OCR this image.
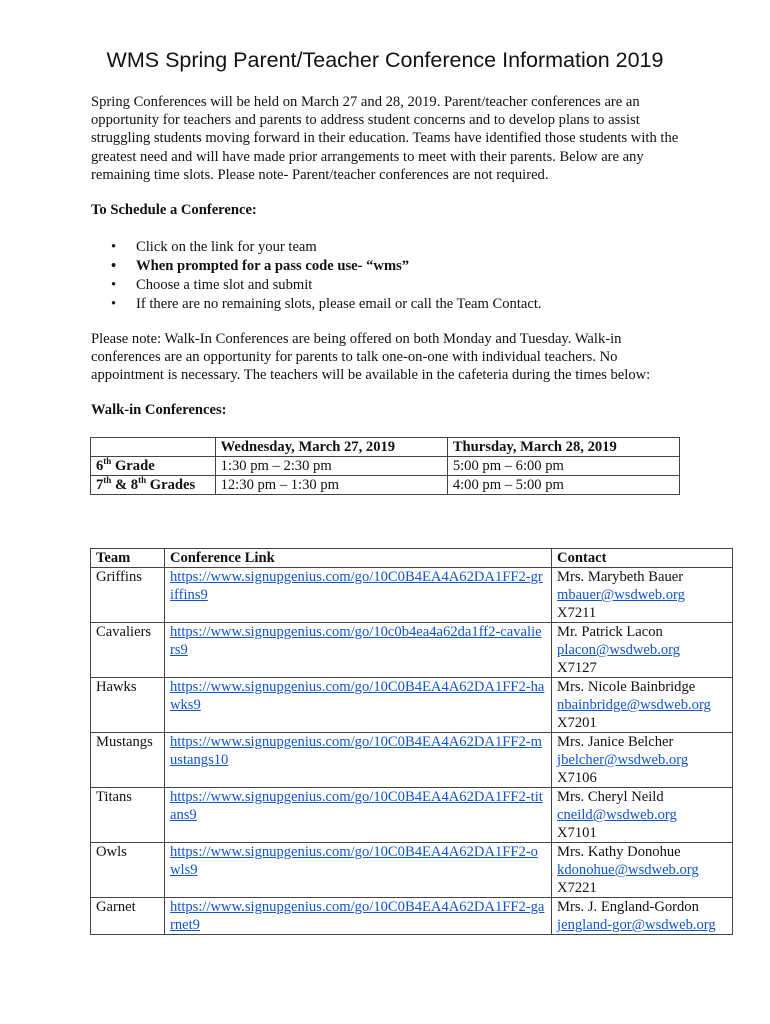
WMS Spring Parent/Teacher Conference Information 2019

Spring Conferences will be held on March 27 and 28, 2019. Parent/teacher conferences are an opportunity for teachers and parents to address student concerns and to develop plans to assist struggling students moving forward in their education. Teams have identified those students with the greatest need and will have made prior arrangements to meet with their parents. Below are any remaining time slots. Please note- Parent/teacher conferences are not required.

To Schedule a Conference:
• Click on the link for your team
• When prompted for a pass code use- “wms”
• Choose a time slot and submit
• If there are no remaining slots, please email or call the Team Contact.

Please note: Walk-In Conferences are being offered on both Monday and Tuesday. Walk-in conferences are an opportunity for parents to talk one-on-one with individual teachers. No appointment is necessary. The teachers will be available in the cafeteria during the times below:

Walk-in Conferences:
	Wednesday, March 27, 2019	Thursday, March 28, 2019
6th Grade	1:30 pm – 2:30 pm	5:00 pm – 6:00 pm
7th & 8th Grades	12:30 pm – 1:30 pm	4:00 pm – 5:00 pm
Team	Conference Link	Contact
Griffins	https://www.signupgenius.com/go/10C0B4EA4A62DA1FF2-griffins9	Mrs. Marybeth Bauer
mbauer@wsdweb.org
X7211

Cavaliers	https://www.signupgenius.com/go/10c0b4ea4a62da1ff2-cavaliers9	Mr. Patrick Lacon
placon@wsdweb.org
X7127

Hawks	https://www.signupgenius.com/go/10C0B4EA4A62DA1FF2-hawks9	Mrs. Nicole Bainbridge
nbainbridge@wsdweb.org
X7201

Mustangs	https://www.signupgenius.com/go/10C0B4EA4A62DA1FF2-mustangs10	Mrs. Janice Belcher
jbelcher@wsdweb.org
X7106

Titans	https://www.signupgenius.com/go/10C0B4EA4A62DA1FF2-titans9	Mrs. Cheryl Neild
cneild@wsdweb.org
X7101

Owls	https://www.signupgenius.com/go/10C0B4EA4A62DA1FF2-owls9	Mrs. Kathy Donohue
kdonohue@wsdweb.org
X7221

Garnet	https://www.signupgenius.com/go/10C0B4EA4A62DA1FF2-garnet9	Mrs. J. England-Gordon
jengland-gor@wsdweb.org
